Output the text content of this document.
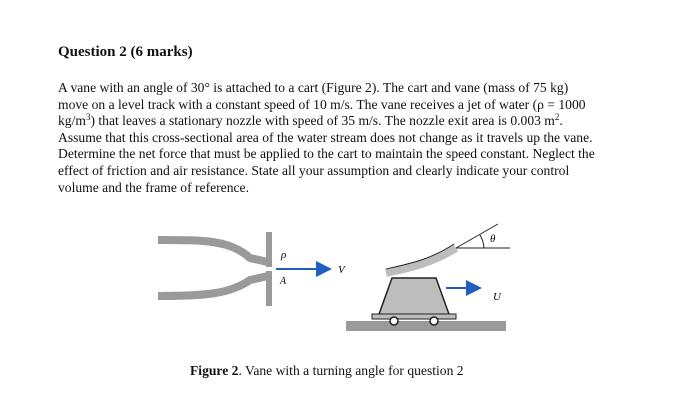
Question 2 (6 marks)
A vane with an angle of 30° is attached to a cart (Figure 2). The cart and vane (mass of 75 kg)
move on a level track with a constant speed of 10 m/s. The vane receives a jet of water (ρ = 1000
$kg/m^3$) that leaves a stationary nozzle with speed of 35 m/s. The nozzle exit area is 0.003 $m^2$.
Assume that this cross-sectional area of the water stream does not change as it travels up the vane.
Determine the net force that must be applied to the cart to maintain the speed constant. Neglect the
effect of friction and air resistance. State all your assumption and clearly indicate your control
volume and the frame of reference.
ρ
A
V
θ
U
Figure 2. Vane with a turning angle for question 2
